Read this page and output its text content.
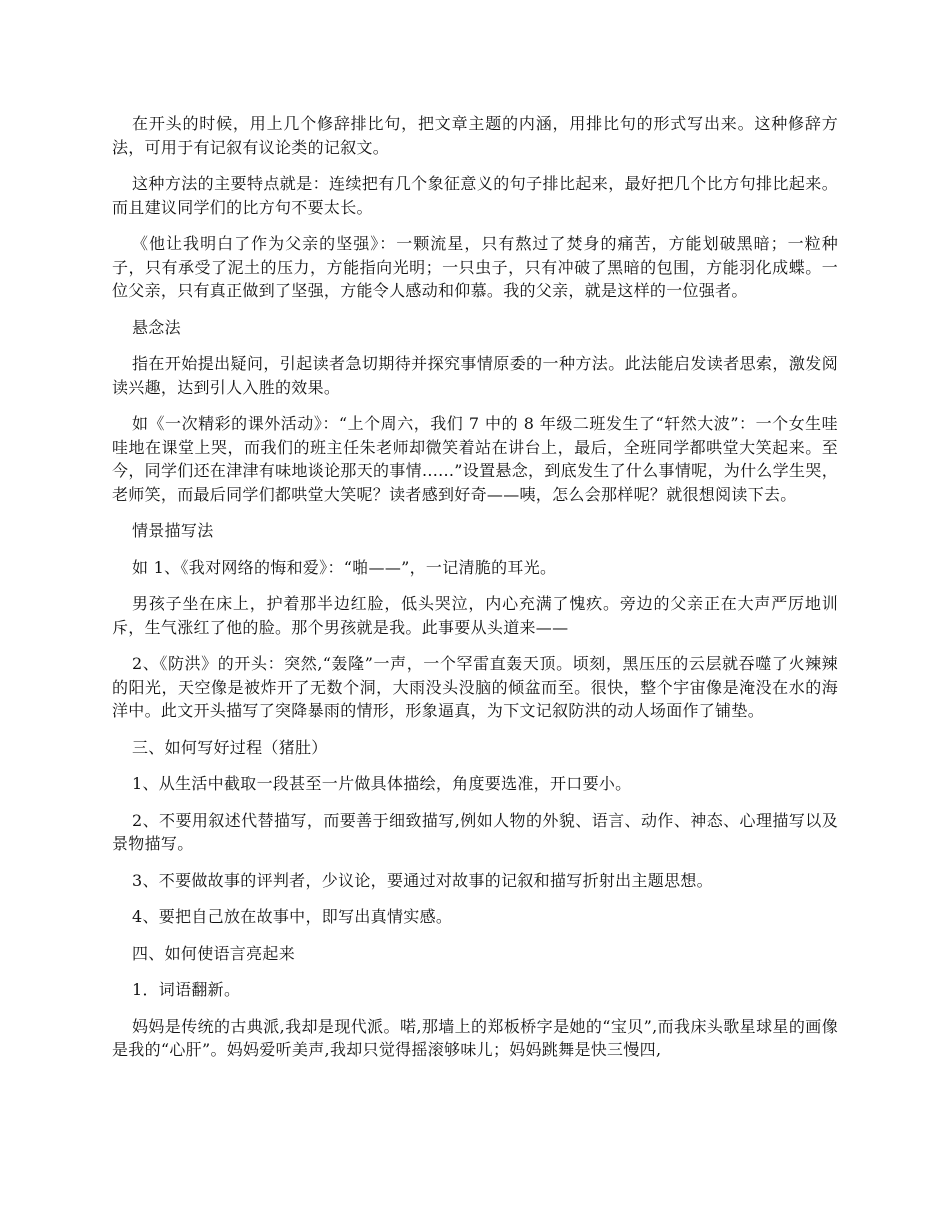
在开头的时候，用上几个修辞排比句，把文章主题的内涵，用排比句的形式写出来。这种修辞方法，可用于有记叙有议论类的记叙文。

这种方法的主要特点就是：连续把有几个象征意义的句子排比起来，最好把几个比方句排比起来。而且建议同学们的比方句不要太长。

《他让我明白了作为父亲的坚强》：一颗流星，只有熬过了焚身的痛苦，方能划破黑暗；一粒种子，只有承受了泥土的压力，方能指向光明；一只虫子，只有冲破了黑暗的包围，方能羽化成蝶。一位父亲，只有真正做到了坚强，方能令人感动和仰慕。我的父亲，就是这样的一位强者。

悬念法

指在开始提出疑问，引起读者急切期待并探究事情原委的一种方法。此法能启发读者思索，激发阅读兴趣，达到引人入胜的效果。

如《一次精彩的课外活动》：“上个周六，我们 7 中的 8 年级二班发生了“轩然大波”：一个女生哇哇地在课堂上哭，而我们的班主任朱老师却微笑着站在讲台上，最后，全班同学都哄堂大笑起来。至今，同学们还在津津有味地谈论那天的事情......”设置悬念，到底发生了什么事情呢，为什么学生哭，老师笑，而最后同学们都哄堂大笑呢？读者感到好奇——咦，怎么会那样呢？就很想阅读下去。

情景描写法

如 1、《我对网络的悔和爱》：“啪——”，一记清脆的耳光。

男孩子坐在床上，护着那半边红脸，低头哭泣，内心充满了愧疚。旁边的父亲正在大声严厉地训斥，生气涨红了他的脸。那个男孩就是我。此事要从头道来——

2、《防洪》的开头：突然,“轰隆”一声，一个罕雷直轰天顶。顷刻，黑压压的云层就吞噬了火辣辣的阳光，天空像是被炸开了无数个洞，大雨没头没脑的倾盆而至。很快，整个宇宙像是淹没在水的海洋中。此文开头描写了突降暴雨的情形，形象逼真，为下文记叙防洪的动人场面作了铺垫。

三、如何写好过程（猪肚）

1、从生活中截取一段甚至一片做具体描绘，角度要选准，开口要小。

2、不要用叙述代替描写，而要善于细致描写,例如人物的外貌、语言、动作、神态、心理描写以及景物描写。

3、不要做故事的评判者，少议论，要通过对故事的记叙和描写折射出主题思想。

4、要把自己放在故事中，即写出真情实感。

四、如何使语言亮起来

1．词语翻新。

妈妈是传统的古典派,我却是现代派。喏,那墙上的郑板桥字是她的“宝贝”,而我床头歌星球星的画像是我的“心肝”。妈妈爱听美声,我却只觉得摇滚够味儿；妈妈跳舞是快三慢四,
